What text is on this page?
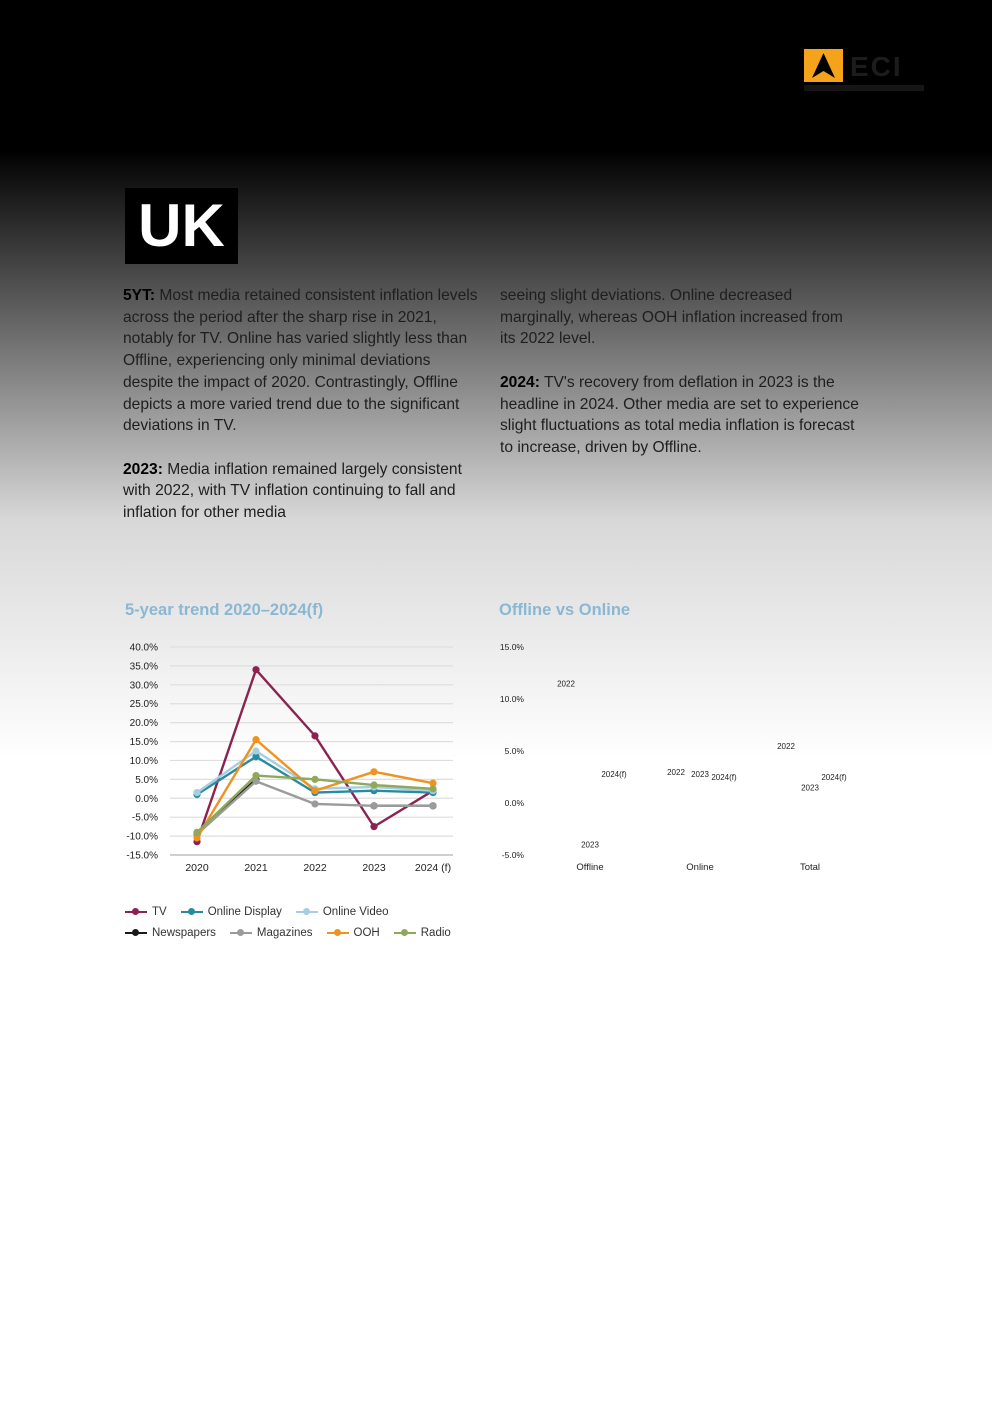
ECI
UK

5YT: Most media retained consistent inflation levels across the period after the sharp rise in 2021, notably for TV. Online has varied slightly less than Offline, experiencing only minimal deviations despite the impact of 2020. Contrastingly, Offline depicts a more varied trend due to the significant deviations in TV.

2023: Media inflation remained largely consistent with 2022, with TV inflation continuing to fall and inflation for other media

seeing slight deviations. Online decreased marginally, whereas OOH inflation increased from its 2022 level.

2024: TV's recovery from deflation in 2023 is the headline in 2024. Other media are set to experience slight fluctuations as total media inflation is forecast to increase, driven by Offline.

5-year trend 2020–2024(f)	Offline vs Online
40.0%
35.0%
30.0%
25.0%
20.0%
15.0%
10.0%
5.0%
0.0%
-5.0%
-10.0%
-15.0%
2020	2021	2022	2023	2024 (f)
15.0%
10.0%
5.0%
0.0%
-5.0%
Offline	Online	Total
2022
2023
2024(f)	2022 2023 2024(f)
2022
2023
2024(f)
TV	Online Display	Online Video
Newspapers	Magazines	OOH	Radio
